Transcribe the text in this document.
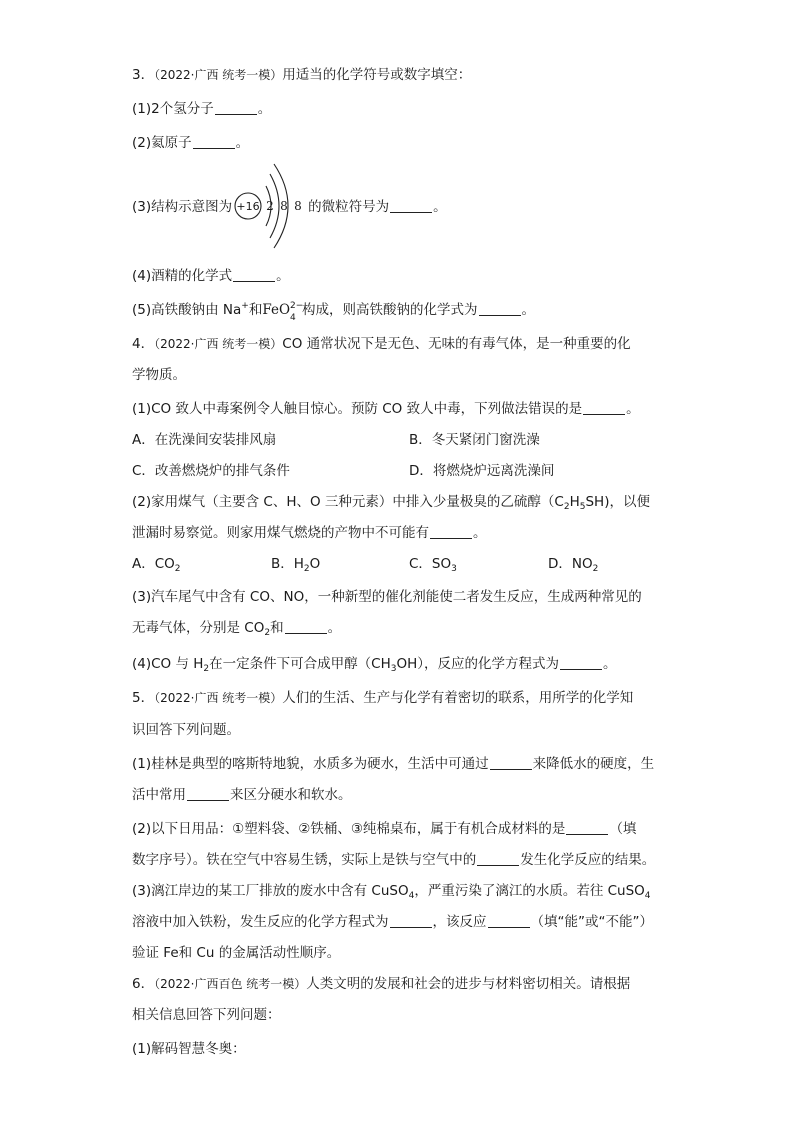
3．（2022·广西 统考一模）用适当的化学符号或数字填空：
(1)2个氢分子	。
(2)氦原子	。
(3)结构示意图为	的微粒符号为	。
+16 2 8 8
(4)酒精的化学式	。
(5)高铁酸钠由 Na+和FeO 2−
4 构成，则高铁酸钠的化学式为	。
4．（2022·广西 统考一模）CO 通常状况下是无色、无味的有毒气体，是一种重要的化
学物质。
(1)CO 致人中毒案例令人触目惊心。预防 CO 致人中毒，下列做法错误的是	。
A．在洗澡间安装排风扇	B．冬天紧闭门窗洗澡
C．改善燃烧炉的排气条件	D．将燃烧炉远离洗澡间
(2)家用煤气（主要含 C、H、O 三种元素）中排入少量极臭的乙硫醇$(C_2H_5SH)$，以便
泄漏时易察觉。则家用煤气燃烧的产物中不可能有	。
A．$CO_2$	B．$H_2O$	C．$SO_3$	D．$NO_2$
(3)汽车尾气中含有 CO、NO，一种新型的催化剂能使二者发生反应，生成两种常见的
无毒气体，分别是 $CO_2$和	。
(4)CO 与 $H_2$在一定条件下可合成甲醇$(CH_3OH)$，反应的化学方程式为	。
5．（2022·广西 统考一模）人们的生活、生产与化学有着密切的联系，用所学的化学知
识回答下列问题。
(1)桂林是典型的喀斯特地貌，水质多为硬水，生活中可通过	来降低水的硬度，生
活中常用	来区分硬水和软水。
(2)以下日用品：①塑料袋、②铁桶、③纯棉桌布，属于有机合成材料的是	（填
数字序号）。铁在空气中容易生锈，实际上是铁与空气中的	发生化学反应的结果。
(3)漓江岸边的某工厂排放的废水中含有 CuSO$_4$，严重污染了漓江的水质。若往 CuSO$_4$
溶液中加入铁粉，发生反应的化学方程式为	，该反应	（填“能”或“不能”）
验证 Fe和 Cu 的金属活动性顺序。
6．（2022·广西百色 统考一模）人类文明的发展和社会的进步与材料密切相关。请根据
相关信息回答下列问题：
(1)解码智慧冬奥：
